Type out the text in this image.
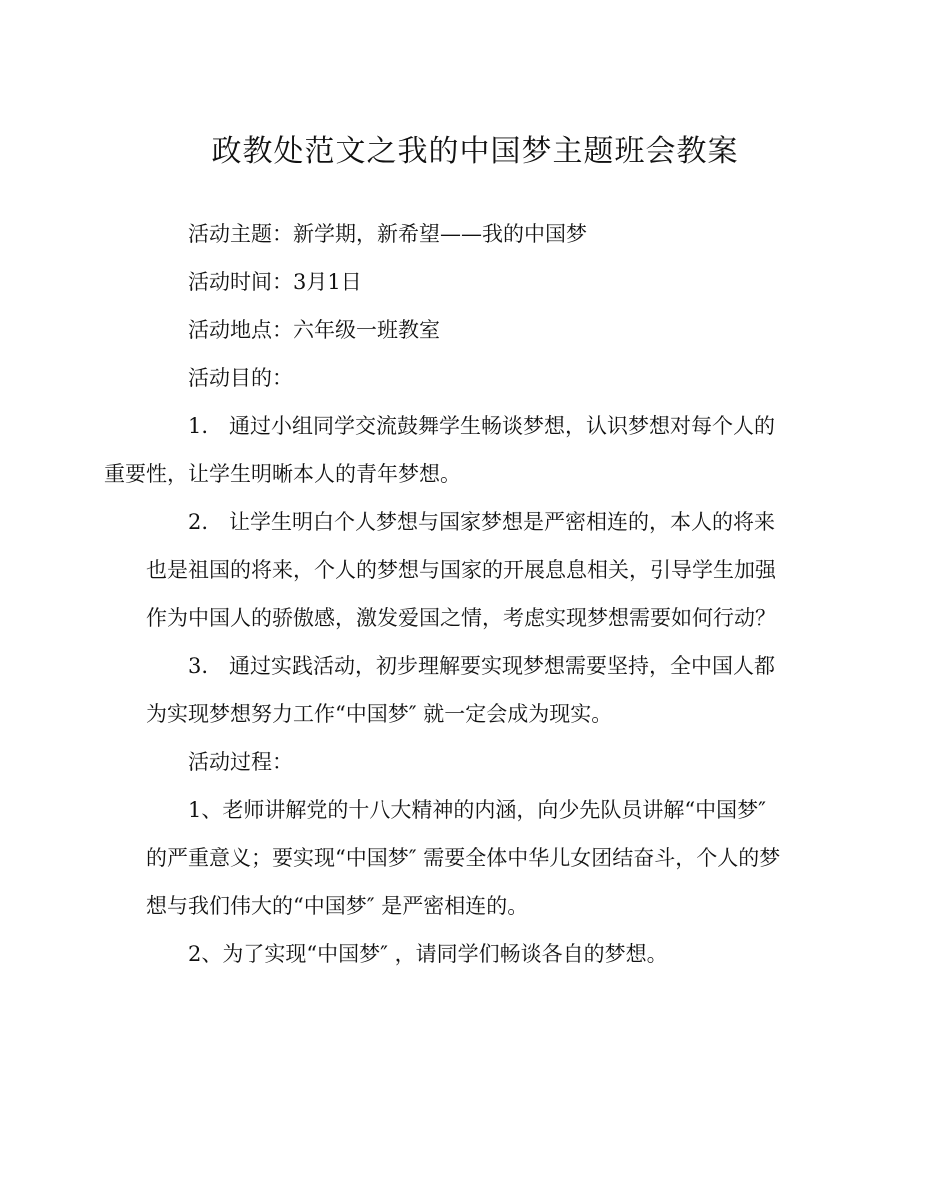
政教处范文之我的中国梦主题班会教案

活动主题：新学期，新希望——我的中国梦

活动时间：3月1日

活动地点：六年级一班教室

活动目的：

1.　通过小组同学交流鼓舞学生畅谈梦想，认识梦想对每个人的
重要性，让学生明晰本人的青年梦想。

2.　让学生明白个人梦想与国家梦想是严密相连的，本人的将来
也是祖国的将来，个人的梦想与国家的开展息息相关，引导学生加强
作为中国人的骄傲感，激发爱国之情，考虑实现梦想需要如何行动？

3.　通过实践活动，初步理解要实现梦想需要坚持，全中国人都
为实现梦想努力工作“中国梦″ 就一定会成为现实。

活动过程：

1、老师讲解党的十八大精神的内涵，向少先队员讲解“中国梦″
的严重意义；要实现“中国梦″ 需要全体中华儿女团结奋斗，个人的梦
想与我们伟大的“中国梦″ 是严密相连的。

2、为了实现“中国梦″ ，请同学们畅谈各自的梦想。
